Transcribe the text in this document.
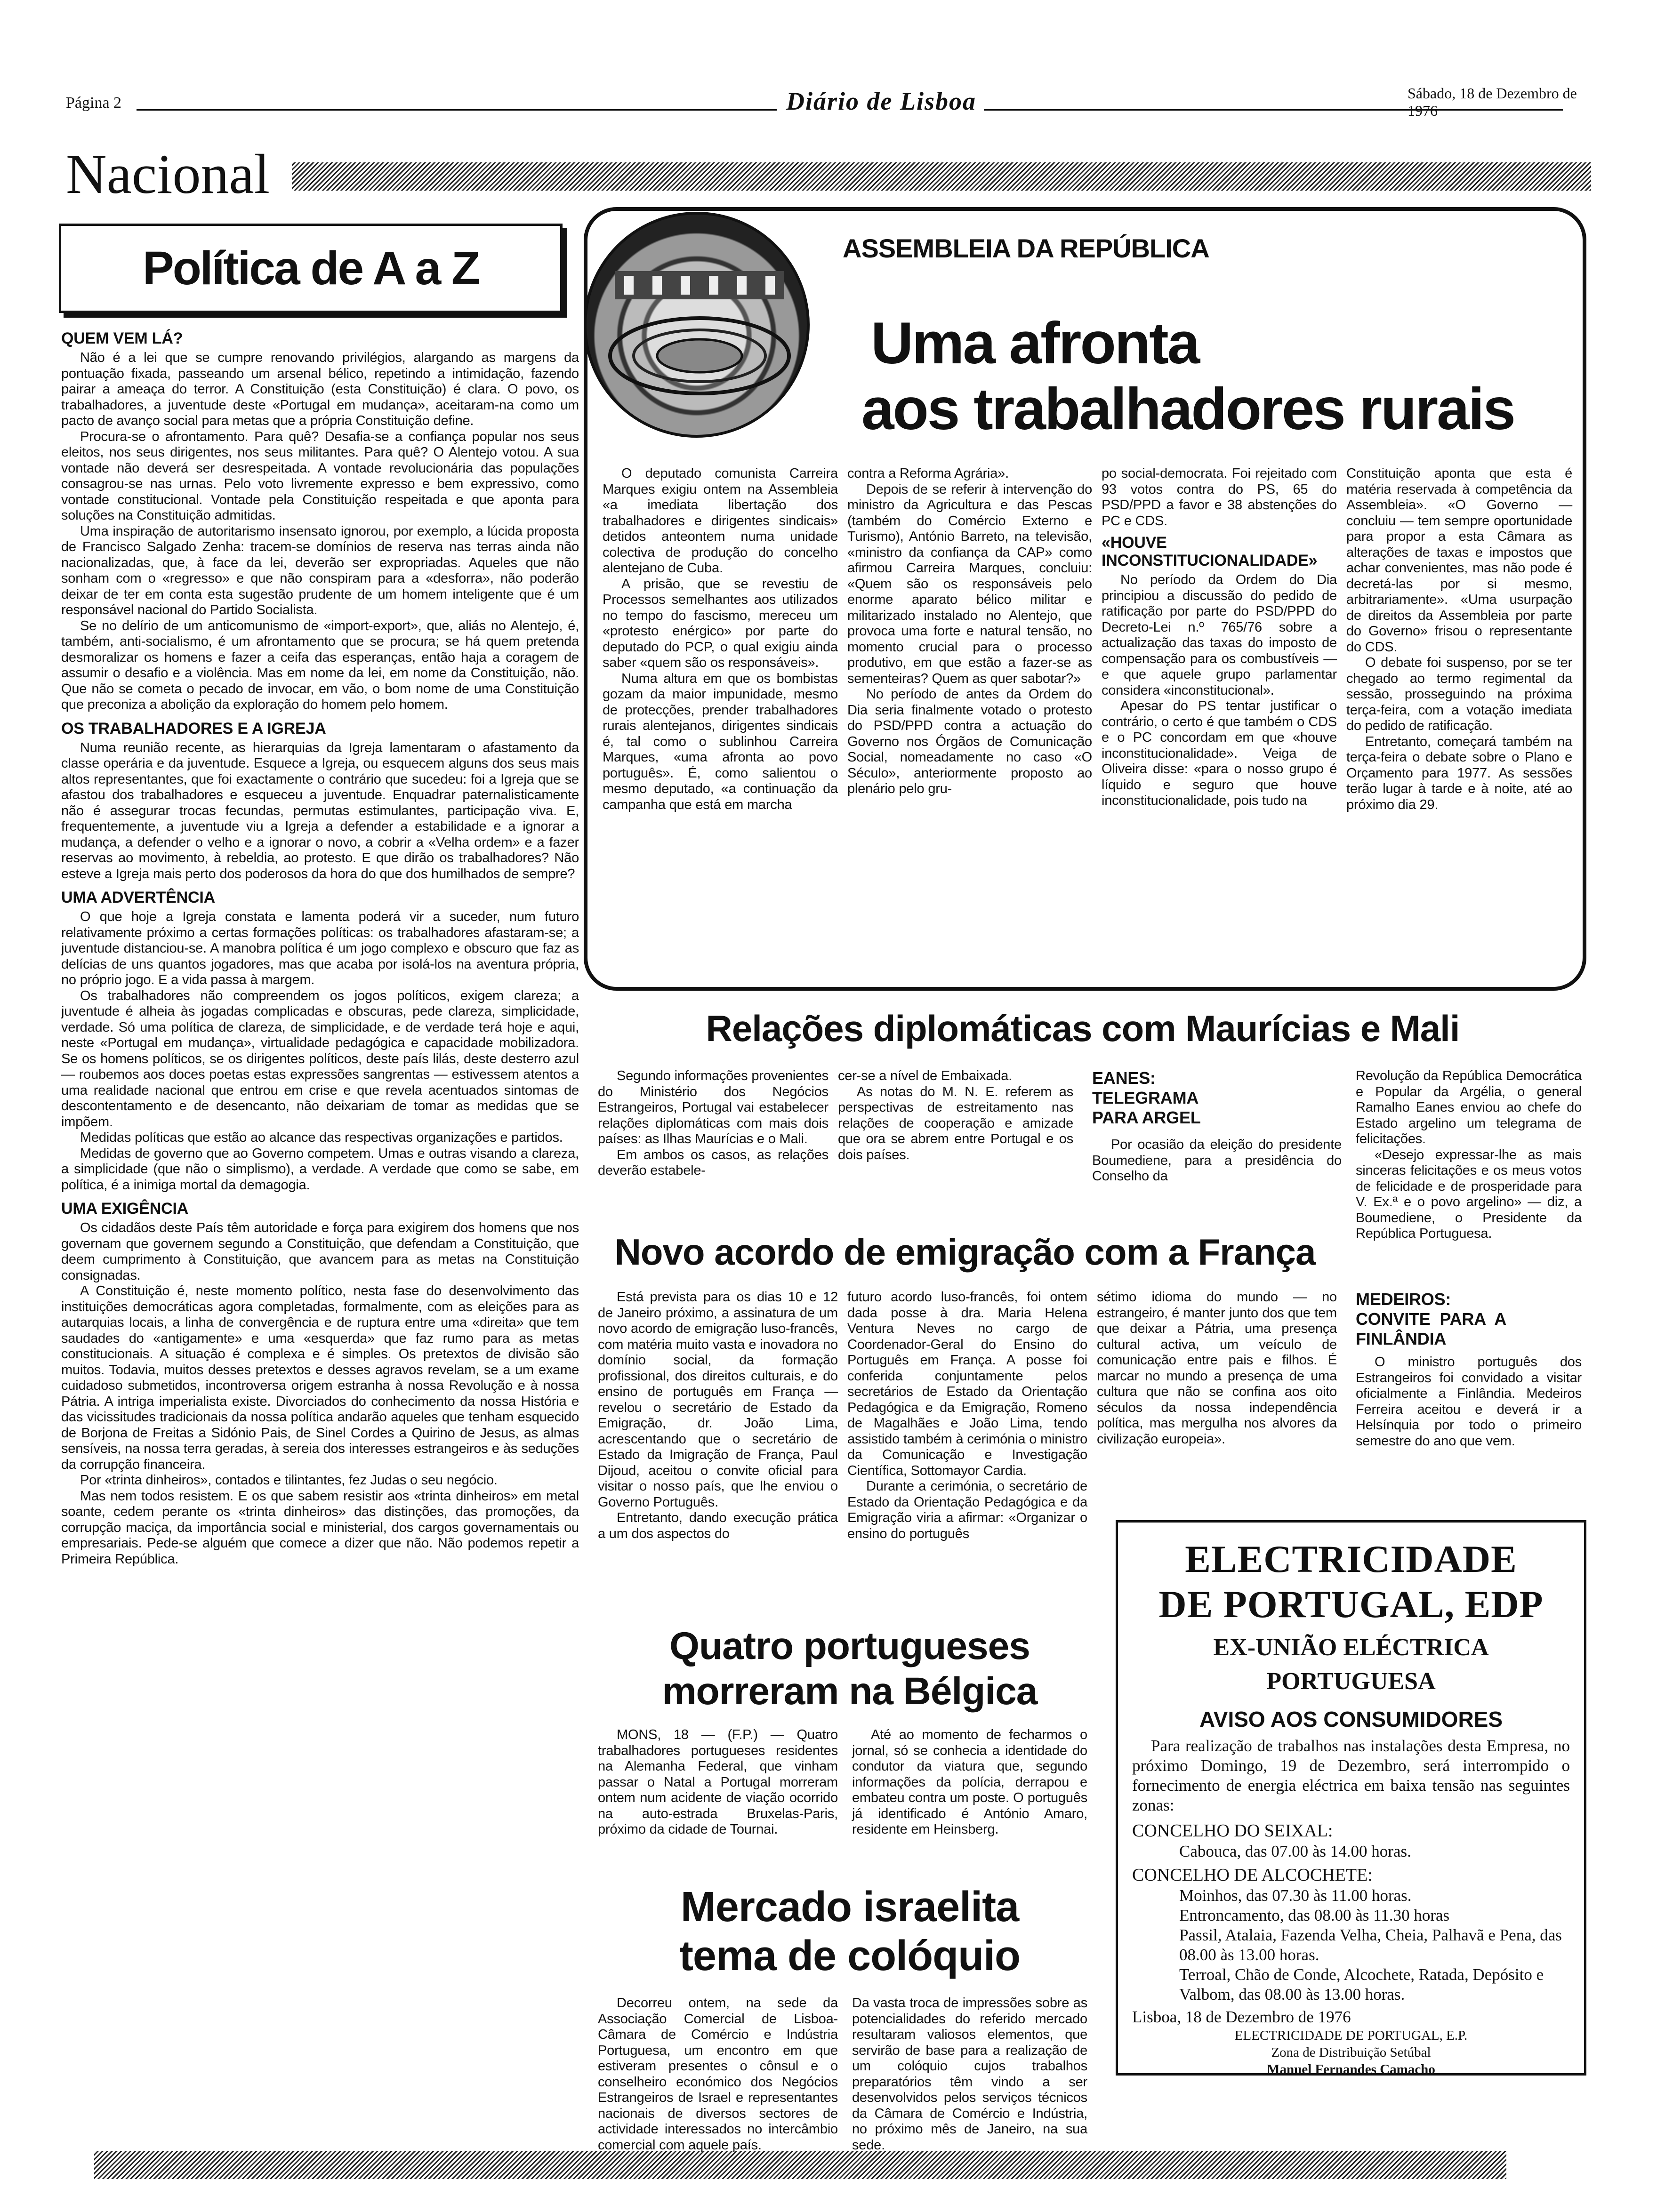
Página 2	Diário de Lisboa	Sábado, 18 de Dezembro de 1976
Nacional
Política de A a Z
QUEM VEM LÁ?

Não é a lei que se cumpre renovando privilégios, alargando as margens da pontuação fixada, passeando um arsenal bélico, repetindo a intimidação, fazendo pairar a ameaça do terror. A Constituição (esta Constituição) é clara. O povo, os trabalhadores, a juventude deste «Portugal em mudança», aceitaram-na como um pacto de avanço social para metas que a própria Constituição define.

Procura-se o afrontamento. Para quê? Desafia-se a confiança popular nos seus eleitos, nos seus dirigentes, nos seus militantes. Para quê? O Alentejo votou. A sua vontade não deverá ser desrespeitada. A vontade revolucionária das populações consagrou-se nas urnas. Pelo voto livremente expresso e bem expressivo, como vontade constitucional. Vontade pela Constituição respeitada e que aponta para soluções na Constituição admitidas.

Uma inspiração de autoritarismo insensato ignorou, por exemplo, a lúcida proposta de Francisco Salgado Zenha: tracem-se domínios de reserva nas terras ainda não nacionalizadas, que, à face da lei, deverão ser expropriadas. Aqueles que não sonham com o «regresso» e que não conspiram para a «desforra», não poderão deixar de ter em conta esta sugestão prudente de um homem inteligente que é um responsável nacional do Partido Socialista.

Se no delírio de um anticomunismo de «import-export», que, aliás no Alentejo, é, também, anti-socialismo, é um afrontamento que se procura; se há quem pretenda desmoralizar os homens e fazer a ceifa das esperanças, então haja a coragem de assumir o desafio e a violência. Mas em nome da lei, em nome da Constituição, não. Que não se cometa o pecado de invocar, em vão, o bom nome de uma Constituição que preconiza a abolição da exploração do homem pelo homem.

OS TRABALHADORES E A IGREJA

Numa reunião recente, as hierarquias da Igreja lamentaram o afastamento da classe operária e da juventude. Esquece a Igreja, ou esquecem alguns dos seus mais altos representantes, que foi exactamente o contrário que sucedeu: foi a Igreja que se afastou dos trabalhadores e esqueceu a juventude. Enquadrar paternalisticamente não é assegurar trocas fecundas, permutas estimulantes, participação viva. E, frequentemente, a juventude viu a Igreja a defender a estabilidade e a ignorar a mudança, a defender o velho e a ignorar o novo, a cobrir a «Velha ordem» e a fazer reservas ao movimento, à rebeldia, ao protesto. E que dirão os trabalhadores? Não esteve a Igreja mais perto dos poderosos da hora do que dos humilhados de sempre?

UMA ADVERTÊNCIA

O que hoje a Igreja constata e lamenta poderá vir a suceder, num futuro relativamente próximo a certas formações políticas: os trabalhadores afastaram-se; a juventude distanciou-se. A manobra política é um jogo complexo e obscuro que faz as delícias de uns quantos jogadores, mas que acaba por isolá-los na aventura própria, no próprio jogo. E a vida passa à margem.

Os trabalhadores não compreendem os jogos políticos, exigem clareza; a juventude é alheia às jogadas complicadas e obscuras, pede clareza, simplicidade, verdade. Só uma política de clareza, de simplicidade, e de verdade terá hoje e aqui, neste «Portugal em mudança», virtualidade pedagógica e capacidade mobilizadora. Se os homens políticos, se os dirigentes políticos, deste país lilás, deste desterro azul — roubemos aos doces poetas estas expressões sangrentas — estivessem atentos a uma realidade nacional que entrou em crise e que revela acentuados sintomas de descontentamento e de desencanto, não deixariam de tomar as medidas que se impõem.

Medidas políticas que estão ao alcance das respectivas organizações e partidos.

Medidas de governo que ao Governo competem. Umas e outras visando a clareza, a simplicidade (que não o simplismo), a verdade. A verdade que como se sabe, em política, é a inimiga mortal da demagogia.

UMA EXIGÊNCIA

Os cidadãos deste País têm autoridade e força para exigirem dos homens que nos governam que governem segundo a Constituição, que defendam a Constituição, que deem cumprimento à Constituição, que avancem para as metas na Constituição consignadas.

A Constituição é, neste momento político, nesta fase do desenvolvimento das instituições democráticas agora completadas, formalmente, com as eleições para as autarquias locais, a linha de convergência e de ruptura entre uma «direita» que tem saudades do «antigamente» e uma «esquerda» que faz rumo para as metas constitucionais. A situação é complexa e é simples. Os pretextos de divisão são muitos. Todavia, muitos desses pretextos e desses agravos revelam, se a um exame cuidadoso submetidos, incontroversa origem estranha à nossa Revolução e à nossa Pátria. A intriga imperialista existe. Divorciados do conhecimento da nossa História e das vicissitudes tradicionais da nossa política andarão aqueles que tenham esquecido de Borjona de Freitas a Sidónio Pais, de Sinel Cordes a Quirino de Jesus, as almas sensíveis, na nossa terra geradas, à sereia dos interesses estrangeiros e às seduções da corrupção financeira.

Por «trinta dinheiros», contados e tilintantes, fez Judas o seu negócio.

Mas nem todos resistem. E os que sabem resistir aos «trinta dinheiros» em metal soante, cedem perante os «trinta dinheiros» das distinções, das promoções, da corrupção maciça, da importância social e ministerial, dos cargos governamentais ou empresariais. Pede-se alguém que comece a dizer que não. Não podemos repetir a Primeira República.

ASSEMBLEIA DA REPÚBLICA
Uma afronta
aos trabalhadores rurais

O deputado comunista Carreira Marques exigiu ontem na Assembleia «a imediata libertação dos trabalhadores e dirigentes sindicais» detidos anteontem numa unidade colectiva de produção do concelho alentejano de Cuba.

A prisão, que se revestiu de Processos semelhantes aos utilizados no tempo do fascismo, mereceu um «protesto enérgico» por parte do deputado do PCP, o qual exigiu ainda saber «quem são os responsáveis».

Numa altura em que os bombistas gozam da maior impunidade, mesmo de protecções, prender trabalhadores rurais alentejanos, dirigentes sindicais é, tal como o sublinhou Carreira Marques, «uma afronta ao povo português». É, como salientou o mesmo deputado, «a continuação da campanha que está em marcha

contra a Reforma Agrária».

Depois de se referir à intervenção do ministro da Agricultura e das Pescas (também do Comércio Externo e Turismo), António Barreto, na televisão, «ministro da confiança da CAP» como afirmou Carreira Marques, concluiu: «Quem são os responsáveis pelo enorme aparato bélico militar e militarizado instalado no Alentejo, que provoca uma forte e natural tensão, no momento crucial para o processo produtivo, em que estão a fazer-se as sementeiras? Quem as quer sabotar?»

No período de antes da Ordem do Dia seria finalmente votado o protesto do PSD/PPD contra a actuação do Governo nos Órgãos de Comunicação Social, nomeadamente no caso «O Século», anteriormente proposto ao plenário pelo gru-

po social-democrata. Foi rejeitado com 93 votos contra do PS, 65 do PSD/PPD a favor e 38 abstenções do PC e CDS.

«HOUVE INCONSTITUCIONALIDADE»

No período da Ordem do Dia principiou a discussão do pedido de ratificação por parte do PSD/PPD do Decreto-Lei n.º 765/76 sobre a actualização das taxas do imposto de compensação para os combustíveis — e que aquele grupo parlamentar considera «inconstitucional».

Apesar do PS tentar justificar o contrário, o certo é que também o CDS e o PC concordam em que «houve inconstitucionalidade». Veiga de Oliveira disse: «para o nosso grupo é líquido e seguro que houve inconstitucionalidade, pois tudo na

Constituição aponta que esta é matéria reservada à competência da Assembleia». «O Governo — concluiu — tem sempre oportunidade para propor a esta Câmara as alterações de taxas e impostos que achar convenientes, mas não pode é decretá-las por si mesmo, arbitrariamente». «Uma usurpação de direitos da Assembleia por parte do Governo» frisou o representante do CDS.

O debate foi suspenso, por se ter chegado ao termo regimental da sessão, prosseguindo na próxima terça-feira, com a votação imediata do pedido de ratificação.

Entretanto, começará também na terça-feira o debate sobre o Plano e Orçamento para 1977. As sessões terão lugar à tarde e à noite, até ao próximo dia 29.

Relações diplomáticas com Maurícias e Mali

Segundo informações provenientes do Ministério dos Negócios Estrangeiros, Portugal vai estabelecer relações diplomáticas com mais dois países: as Ilhas Maurícias e o Mali.

Em ambos os casos, as relações deverão estabele-

cer-se a nível de Embaixada.

As notas do M. N. E. referem as perspectivas de estreitamento nas relações de cooperação e amizade que ora se abrem entre Portugal e os dois países.

EANES: TELEGRAMA PARA ARGEL

Por ocasião da eleição do presidente Boumediene, para a presidência do Conselho da

Revolução da República Democrática e Popular da Argélia, o general Ramalho Eanes enviou ao chefe do Estado argelino um telegrama de felicitações.

«Desejo expressar-lhe as mais sinceras felicitações e os meus votos de felicidade e de prosperidade para V. Ex.ª e o povo argelino» — diz, a Boumediene, o Presidente da República Portuguesa.

Novo acordo de emigração com a França

Está prevista para os dias 10 e 12 de Janeiro próximo, a assinatura de um novo acordo de emigração luso-francês, com matéria muito vasta e inovadora no domínio social, da formação profissional, dos direitos culturais, e do ensino de português em França — revelou o secretário de Estado da Emigração, dr. João Lima, acrescentando que o secretário de Estado da Imigração de França, Paul Dijoud, aceitou o convite oficial para visitar o nosso país, que lhe enviou o Governo Português.

Entretanto, dando execução prática a um dos aspectos do

futuro acordo luso-francês, foi ontem dada posse à dra. Maria Helena Ventura Neves no cargo de Coordenador-Geral do Ensino do Português em França. A posse foi conferida conjuntamente pelos secretários de Estado da Orientação Pedagógica e da Emigração, Romeno de Magalhães e João Lima, tendo assistido também à cerimónia o ministro da Comunicação e Investigação Científica, Sottomayor Cardia.

Durante a cerimónia, o secretário de Estado da Orientação Pedagógica e da Emigração viria a afirmar: «Organizar o ensino do português

sétimo idioma do mundo — no estrangeiro, é manter junto dos que tem que deixar a Pátria, uma presença cultural activa, um veículo de comunicação entre pais e filhos. É marcar no mundo a presença de uma cultura que não se confina aos oito séculos da nossa independência política, mas mergulha nos alvores da civilização europeia».

MEDEIROS: CONVITE PARA A FINLÂNDIA

O ministro português dos Estrangeiros foi convidado a visitar oficialmente a Finlândia. Medeiros Ferreira aceitou e deverá ir a Helsínquia por todo o primeiro semestre do ano que vem.

Quatro portugueses
morreram na Bélgica

MONS, 18 — (F.P.) — Quatro trabalhadores portugueses residentes na Alemanha Federal, que vinham passar o Natal a Portugal morreram ontem num acidente de viação ocorrido na auto-estrada Bruxelas-Paris, próximo da cidade de Tournai.

Até ao momento de fecharmos o jornal, só se conhecia a identidade do condutor da viatura que, segundo informações da polícia, derrapou e embateu contra um poste. O português já identificado é António Amaro, residente em Heinsberg.

Mercado israelita
tema de colóquio

Decorreu ontem, na sede da Associação Comercial de Lisboa-Câmara de Comércio e Indústria Portuguesa, um encontro em que estiveram presentes o cônsul e o conselheiro económico dos Negócios Estrangeiros de Israel e representantes nacionais de diversos sectores de actividade interessados no intercâmbio comercial com aquele país.

Da vasta troca de impressões sobre as potencialidades do referido mercado resultaram valiosos elementos, que servirão de base para a realização de um colóquio cujos trabalhos preparatórios têm vindo a ser desenvolvidos pelos serviços técnicos da Câmara de Comércio e Indústria, no próximo mês de Janeiro, na sua sede.

ELECTRICIDADE
DE PORTUGAL, EDP
EX-UNIÃO ELÉCTRICA PORTUGUESA
AVISO AOS CONSUMIDORES
Para realização de trabalhos nas instalações desta Empresa, no próximo Domingo, 19 de Dezembro, será interrompido o fornecimento de energia eléctrica em baixa tensão nas seguintes zonas:
CONCELHO DO SEIXAL:
Cabouca, das 07.00 às 14.00 horas.
CONCELHO DE ALCOCHETE:
Moinhos, das 07.30 às 11.00 horas.
Entroncamento, das 08.00 às 11.30 horas
Passil, Atalaia, Fazenda Velha, Cheia, Palhavã e Pena, das 08.00 às 13.00 horas.
Terroal, Chão de Conde, Alcochete, Ratada, Depósito e Valbom, das 08.00 às 13.00 horas.
Lisboa, 18 de Dezembro de 1976
ELECTRICIDADE DE PORTUGAL, E.P.
Zona de Distribuição Setúbal
Manuel Fernandes Camacho
